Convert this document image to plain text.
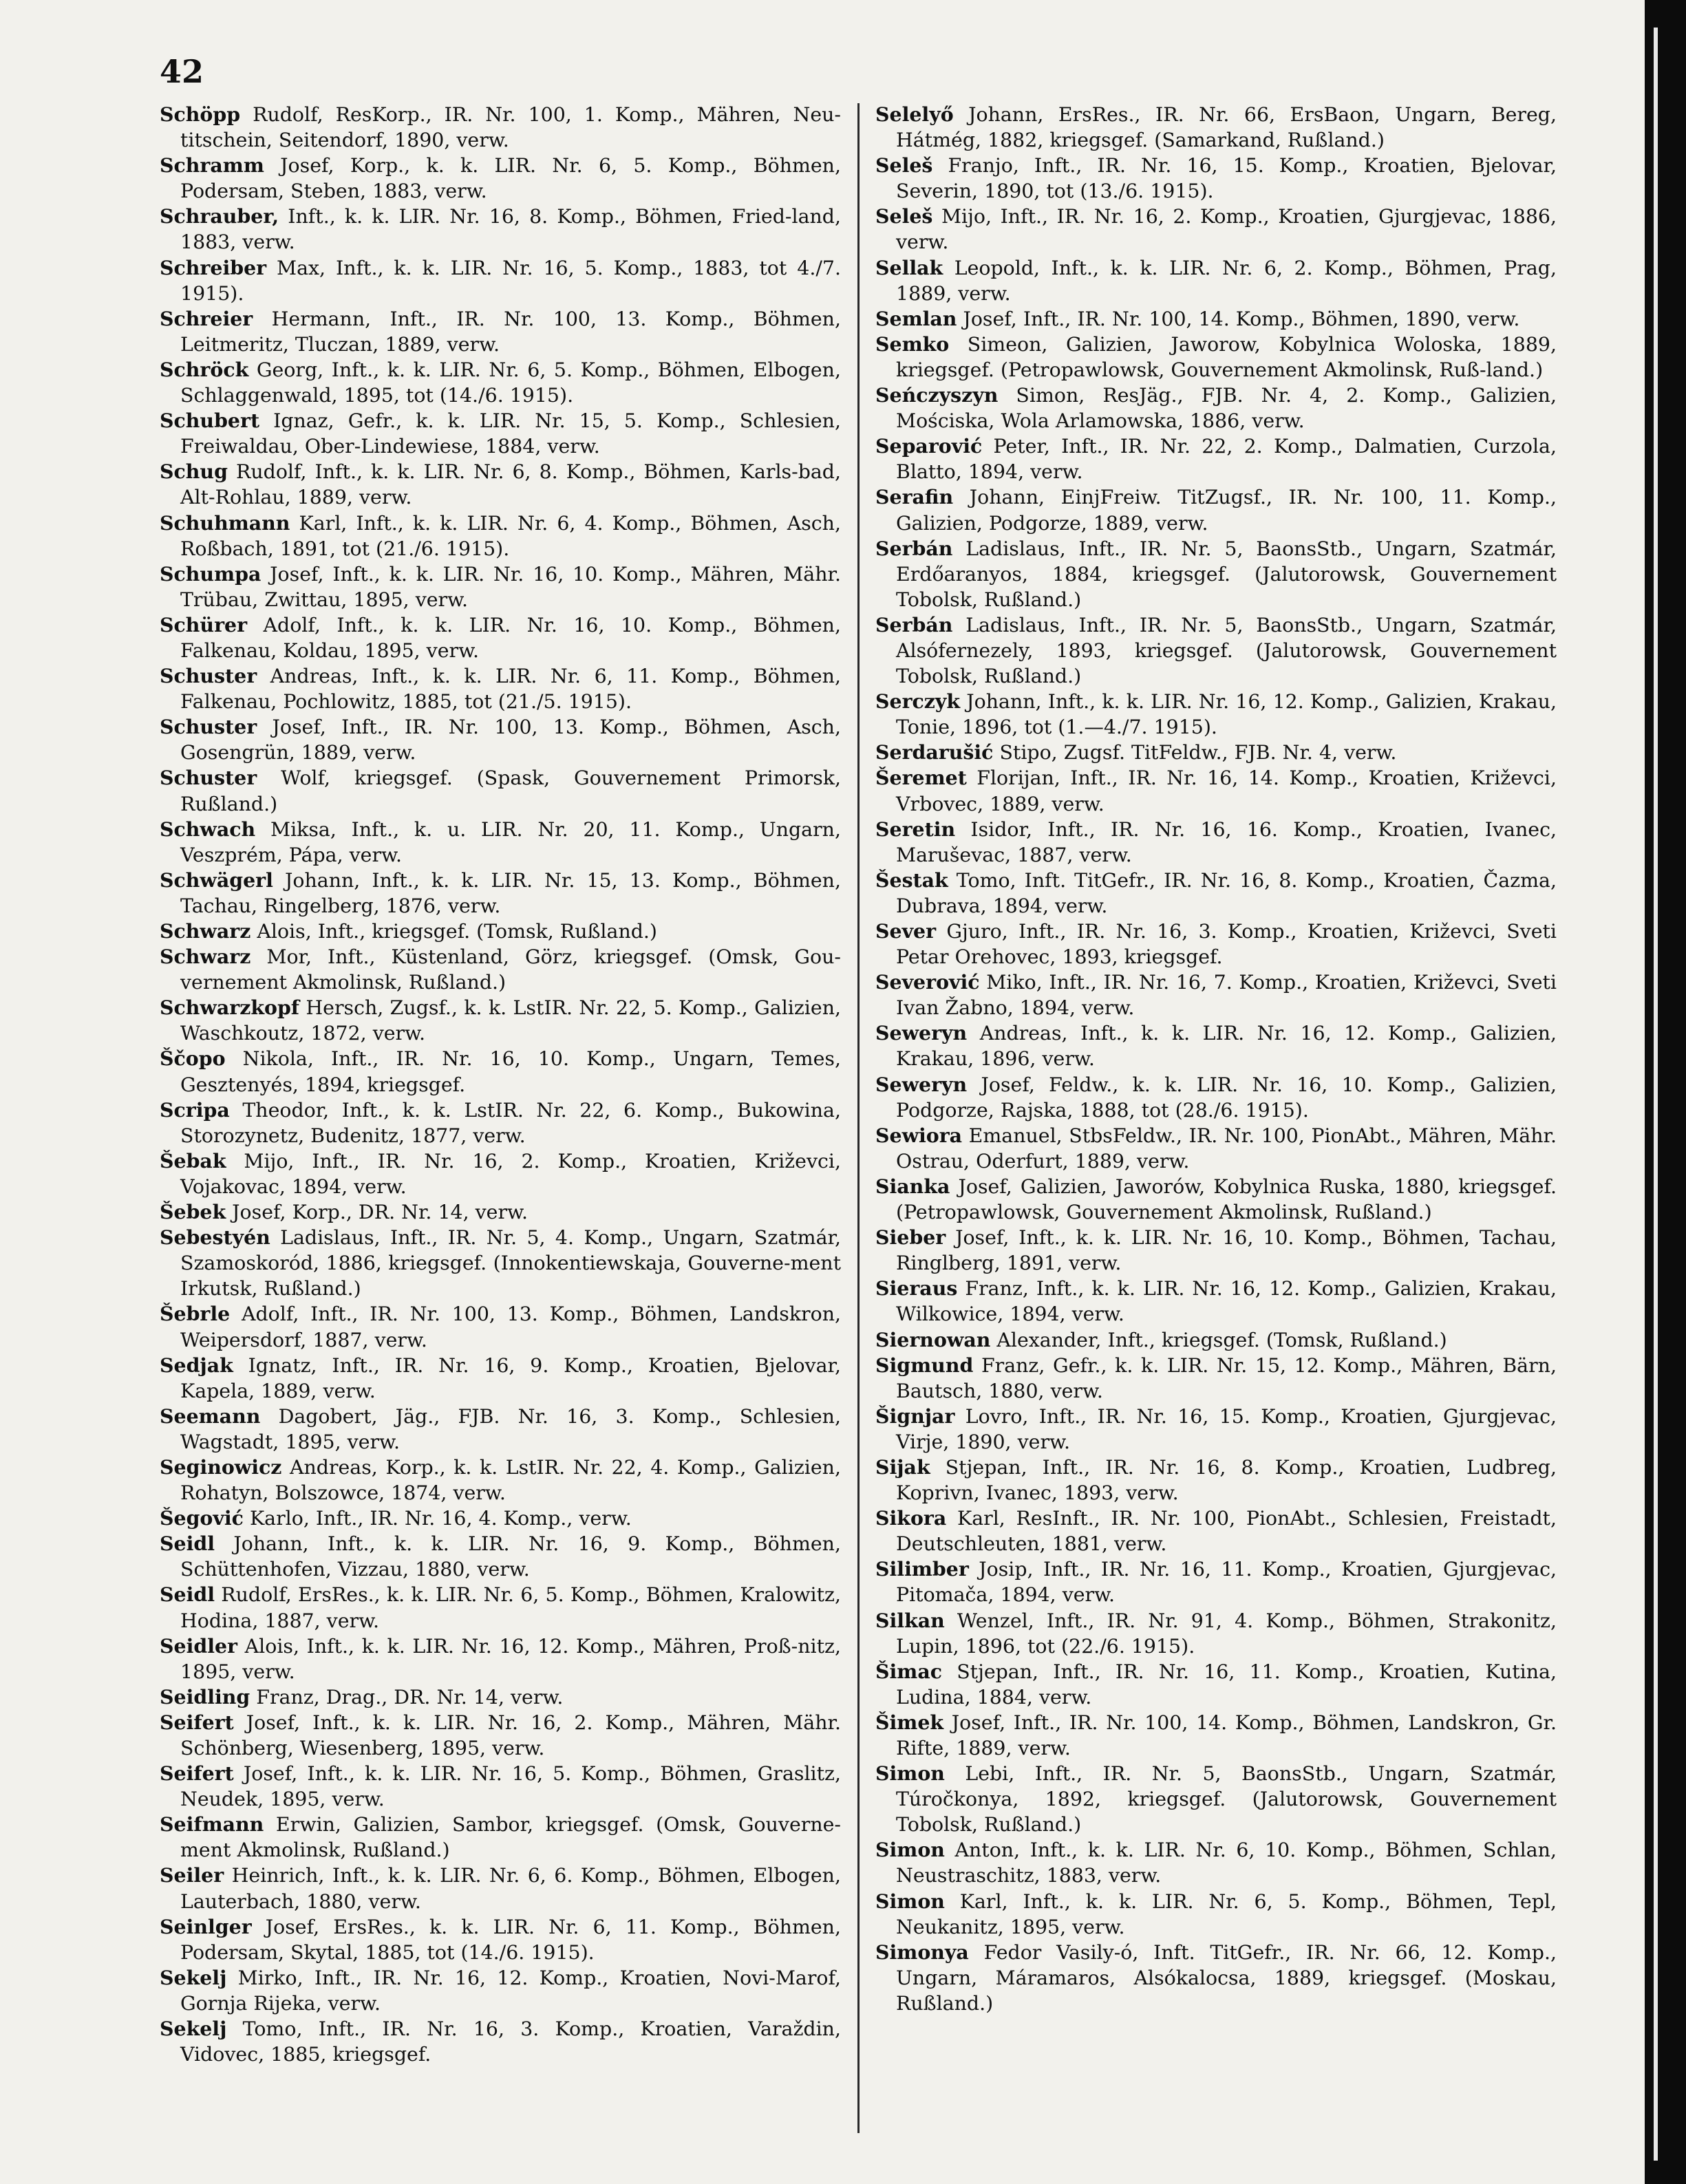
42

Schöpp Rudolf, ResKorp., IR. Nr. 100, 1. Komp., Mähren, Neu-titschein, Seitendorf, 1890, verw.

Schramm Josef, Korp., k. k. LIR. Nr. 6, 5. Komp., Böhmen, Podersam, Steben, 1883, verw.

Schrauber, Inft., k. k. LIR. Nr. 16, 8. Komp., Böhmen, Fried-land, 1883, verw.

Schreiber Max, Inft., k. k. LIR. Nr. 16, 5. Komp., 1883, tot 4./7. 1915).

Schreier Hermann, Inft., IR. Nr. 100, 13. Komp., Böhmen, Leitmeritz, Tluczan, 1889, verw.

Schröck Georg, Inft., k. k. LIR. Nr. 6, 5. Komp., Böhmen, Elbogen, Schlaggenwald, 1895, tot (14./6. 1915).

Schubert Ignaz, Gefr., k. k. LIR. Nr. 15, 5. Komp., Schlesien, Freiwaldau, Ober-Lindewiese, 1884, verw.

Schug Rudolf, Inft., k. k. LIR. Nr. 6, 8. Komp., Böhmen, Karls-bad, Alt-Rohlau, 1889, verw.

Schuhmann Karl, Inft., k. k. LIR. Nr. 6, 4. Komp., Böhmen, Asch, Roßbach, 1891, tot (21./6. 1915).

Schumpa Josef, Inft., k. k. LIR. Nr. 16, 10. Komp., Mähren, Mähr. Trübau, Zwittau, 1895, verw.

Schürer Adolf, Inft., k. k. LIR. Nr. 16, 10. Komp., Böhmen, Falkenau, Koldau, 1895, verw.

Schuster Andreas, Inft., k. k. LIR. Nr. 6, 11. Komp., Böhmen, Falkenau, Pochlowitz, 1885, tot (21./5. 1915).

Schuster Josef, Inft., IR. Nr. 100, 13. Komp., Böhmen, Asch, Gosengrün, 1889, verw.

Schuster Wolf, kriegsgef. (Spask, Gouvernement Primorsk, Rußland.)

Schwach Miksa, Inft., k. u. LIR. Nr. 20, 11. Komp., Ungarn, Veszprém, Pápa, verw.

Schwägerl Johann, Inft., k. k. LIR. Nr. 15, 13. Komp., Böhmen, Tachau, Ringelberg, 1876, verw.

Schwarz Alois, Inft., kriegsgef. (Tomsk, Rußland.)

Schwarz Mor, Inft., Küstenland, Görz, kriegsgef. (Omsk, Gou-vernement Akmolinsk, Rußland.)

Schwarzkopf Hersch, Zugsf., k. k. LstIR. Nr. 22, 5. Komp., Galizien, Waschkoutz, 1872, verw.

Ščopo Nikola, Inft., IR. Nr. 16, 10. Komp., Ungarn, Temes, Gesztenyés, 1894, kriegsgef.

Scripa Theodor, Inft., k. k. LstIR. Nr. 22, 6. Komp., Bukowina, Storozynetz, Budenitz, 1877, verw.

Šebak Mijo, Inft., IR. Nr. 16, 2. Komp., Kroatien, Križevci, Vojakovac, 1894, verw.

Šebek Josef, Korp., DR. Nr. 14, verw.

Sebestyén Ladislaus, Inft., IR. Nr. 5, 4. Komp., Ungarn, Szatmár, Szamoskoród, 1886, kriegsgef. (Innokentiewskaja, Gouverne-ment Irkutsk, Rußland.)

Šebrle Adolf, Inft., IR. Nr. 100, 13. Komp., Böhmen, Landskron, Weipersdorf, 1887, verw.

Sedjak Ignatz, Inft., IR. Nr. 16, 9. Komp., Kroatien, Bjelovar, Kapela, 1889, verw.

Seemann Dagobert, Jäg., FJB. Nr. 16, 3. Komp., Schlesien, Wagstadt, 1895, verw.

Seginowicz Andreas, Korp., k. k. LstIR. Nr. 22, 4. Komp., Galizien, Rohatyn, Bolszowce, 1874, verw.

Šegović Karlo, Inft., IR. Nr. 16, 4. Komp., verw.

Seidl Johann, Inft., k. k. LIR. Nr. 16, 9. Komp., Böhmen, Schüttenhofen, Vizzau, 1880, verw.

Seidl Rudolf, ErsRes., k. k. LIR. Nr. 6, 5. Komp., Böhmen, Kralowitz, Hodina, 1887, verw.

Seidler Alois, Inft., k. k. LIR. Nr. 16, 12. Komp., Mähren, Proß-nitz, 1895, verw.

Seidling Franz, Drag., DR. Nr. 14, verw.

Seifert Josef, Inft., k. k. LIR. Nr. 16, 2. Komp., Mähren, Mähr. Schönberg, Wiesenberg, 1895, verw.

Seifert Josef, Inft., k. k. LIR. Nr. 16, 5. Komp., Böhmen, Graslitz, Neudek, 1895, verw.

Seifmann Erwin, Galizien, Sambor, kriegsgef. (Omsk, Gouverne-ment Akmolinsk, Rußland.)

Seiler Heinrich, Inft., k. k. LIR. Nr. 6, 6. Komp., Böhmen, Elbogen, Lauterbach, 1880, verw.

Seinlger Josef, ErsRes., k. k. LIR. Nr. 6, 11. Komp., Böhmen, Podersam, Skytal, 1885, tot (14./6. 1915).

Sekelj Mirko, Inft., IR. Nr. 16, 12. Komp., Kroatien, Novi-Marof, Gornja Rijeka, verw.

Sekelj Tomo, Inft., IR. Nr. 16, 3. Komp., Kroatien, Varaždin, Vidovec, 1885, kriegsgef.

Selelyő Johann, ErsRes., IR. Nr. 66, ErsBaon, Ungarn, Bereg, Hátmég, 1882, kriegsgef. (Samarkand, Rußland.)

Seleš Franjo, Inft., IR. Nr. 16, 15. Komp., Kroatien, Bjelovar, Severin, 1890, tot (13./6. 1915).

Seleš Mijo, Inft., IR. Nr. 16, 2. Komp., Kroatien, Gjurgjevac, 1886, verw.

Sellak Leopold, Inft., k. k. LIR. Nr. 6, 2. Komp., Böhmen, Prag, 1889, verw.

Semlan Josef, Inft., IR. Nr. 100, 14. Komp., Böhmen, 1890, verw.

Semko Simeon, Galizien, Jaworow, Kobylnica Woloska, 1889, kriegsgef. (Petropawlowsk, Gouvernement Akmolinsk, Ruß-land.)

Seńczyszyn Simon, ResJäg., FJB. Nr. 4, 2. Komp., Galizien, Mościska, Wola Arlamowska, 1886, verw.

Separović Peter, Inft., IR. Nr. 22, 2. Komp., Dalmatien, Curzola, Blatto, 1894, verw.

Serafin Johann, EinjFreiw. TitZugsf., IR. Nr. 100, 11. Komp., Galizien, Podgorze, 1889, verw.

Serbán Ladislaus, Inft., IR. Nr. 5, BaonsStb., Ungarn, Szatmár, Erdőaranyos, 1884, kriegsgef. (Jalutorowsk, Gouvernement Tobolsk, Rußland.)

Serbán Ladislaus, Inft., IR. Nr. 5, BaonsStb., Ungarn, Szatmár, Alsófernezely, 1893, kriegsgef. (Jalutorowsk, Gouvernement Tobolsk, Rußland.)

Serczyk Johann, Inft., k. k. LIR. Nr. 16, 12. Komp., Galizien, Krakau, Tonie, 1896, tot (1.—4./7. 1915).

Serdarušić Stipo, Zugsf. TitFeldw., FJB. Nr. 4, verw.

Šeremet Florijan, Inft., IR. Nr. 16, 14. Komp., Kroatien, Križevci, Vrbovec, 1889, verw.

Seretin Isidor, Inft., IR. Nr. 16, 16. Komp., Kroatien, Ivanec, Maruševac, 1887, verw.

Šestak Tomo, Inft. TitGefr., IR. Nr. 16, 8. Komp., Kroatien, Čazma, Dubrava, 1894, verw.

Sever Gjuro, Inft., IR. Nr. 16, 3. Komp., Kroatien, Križevci, Sveti Petar Orehovec, 1893, kriegsgef.

Severović Miko, Inft., IR. Nr. 16, 7. Komp., Kroatien, Križevci, Sveti Ivan Žabno, 1894, verw.

Seweryn Andreas, Inft., k. k. LIR. Nr. 16, 12. Komp., Galizien, Krakau, 1896, verw.

Seweryn Josef, Feldw., k. k. LIR. Nr. 16, 10. Komp., Galizien, Podgorze, Rajska, 1888, tot (28./6. 1915).

Sewiora Emanuel, StbsFeldw., IR. Nr. 100, PionAbt., Mähren, Mähr. Ostrau, Oderfurt, 1889, verw.

Sianka Josef, Galizien, Jaworów, Kobylnica Ruska, 1880, kriegsgef. (Petropawlowsk, Gouvernement Akmolinsk, Rußland.)

Sieber Josef, Inft., k. k. LIR. Nr. 16, 10. Komp., Böhmen, Tachau, Ringlberg, 1891, verw.

Sieraus Franz, Inft., k. k. LIR. Nr. 16, 12. Komp., Galizien, Krakau, Wilkowice, 1894, verw.

Siernowan Alexander, Inft., kriegsgef. (Tomsk, Rußland.)

Sigmund Franz, Gefr., k. k. LIR. Nr. 15, 12. Komp., Mähren, Bärn, Bautsch, 1880, verw.

Šignjar Lovro, Inft., IR. Nr. 16, 15. Komp., Kroatien, Gjurgjevac, Virje, 1890, verw.

Sijak Stjepan, Inft., IR. Nr. 16, 8. Komp., Kroatien, Ludbreg, Koprivn, Ivanec, 1893, verw.

Sikora Karl, ResInft., IR. Nr. 100, PionAbt., Schlesien, Freistadt, Deutschleuten, 1881, verw.

Silimber Josip, Inft., IR. Nr. 16, 11. Komp., Kroatien, Gjurgjevac, Pitomača, 1894, verw.

Silkan Wenzel, Inft., IR. Nr. 91, 4. Komp., Böhmen, Strakonitz, Lupin, 1896, tot (22./6. 1915).

Šimac Stjepan, Inft., IR. Nr. 16, 11. Komp., Kroatien, Kutina, Ludina, 1884, verw.

Šimek Josef, Inft., IR. Nr. 100, 14. Komp., Böhmen, Landskron, Gr. Rifte, 1889, verw.

Simon Lebi, Inft., IR. Nr. 5, BaonsStb., Ungarn, Szatmár, Túročkonya, 1892, kriegsgef. (Jalutorowsk, Gouvernement Tobolsk, Rußland.)

Simon Anton, Inft., k. k. LIR. Nr. 6, 10. Komp., Böhmen, Schlan, Neustraschitz, 1883, verw.

Simon Karl, Inft., k. k. LIR. Nr. 6, 5. Komp., Böhmen, Tepl, Neukanitz, 1895, verw.

Simonya Fedor Vasily-ó, Inft. TitGefr., IR. Nr. 66, 12. Komp., Ungarn, Máramaros, Alsókalocsa, 1889, kriegsgef. (Moskau, Rußland.)
